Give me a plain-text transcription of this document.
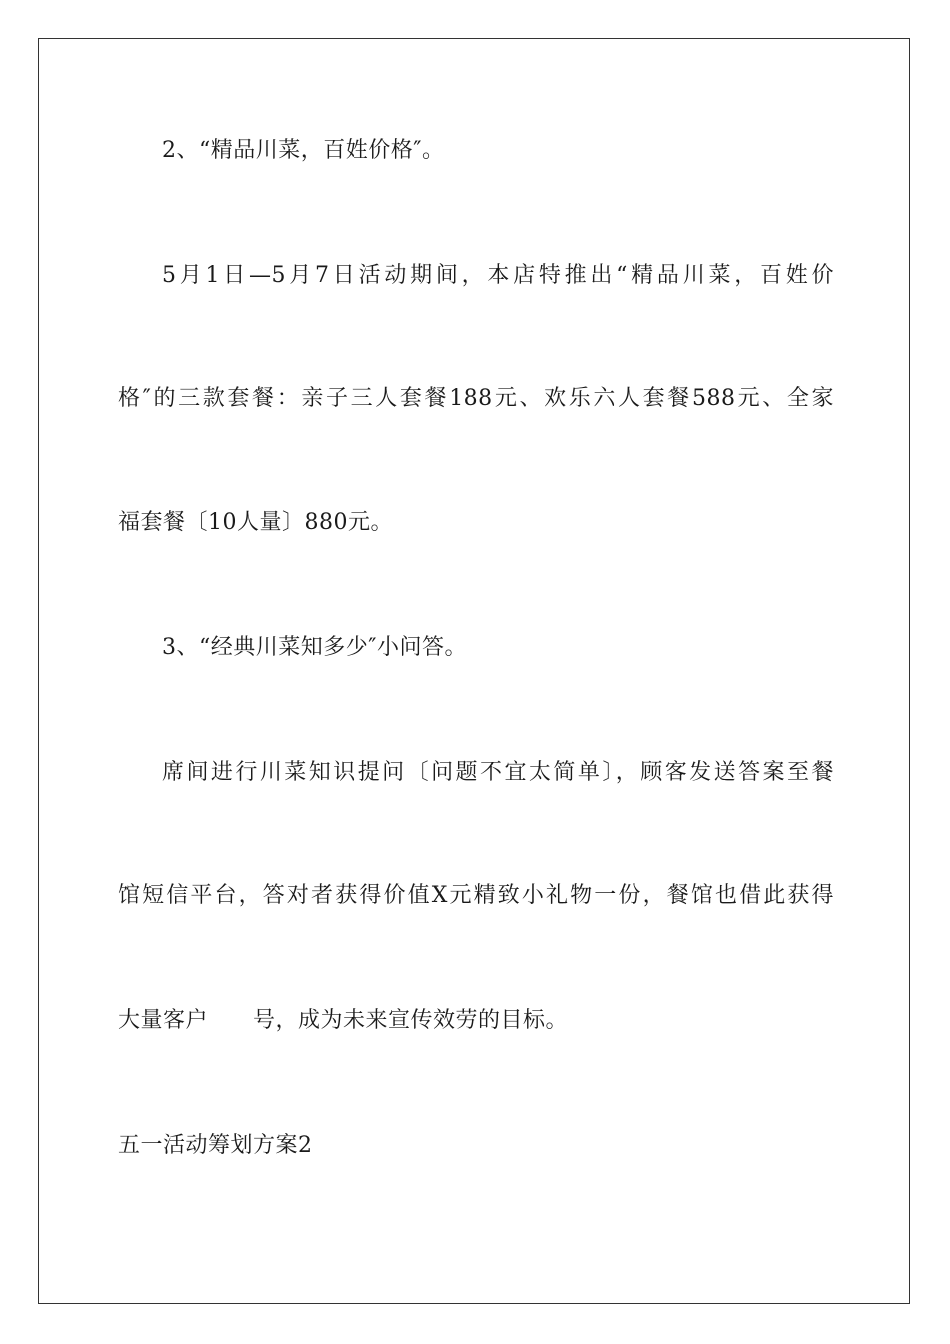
2、“精品川菜，百姓价格″。
5月1日—5月7日活动期间，本店特推出“精品川菜，百姓价
格″的三款套餐：亲子三人套餐188元、欢乐六人套餐588元、全家
福套餐〔10人量〕880元。
3、“经典川菜知多少″小问答。
席间进行川菜知识提问〔问题不宜太简单〕，顾客发送答案至餐
馆短信平台，答对者获得价值X元精致小礼物一份，餐馆也借此获得
大量客户　　号，成为未来宣传效劳的目标。
五一活动筹划方案2
